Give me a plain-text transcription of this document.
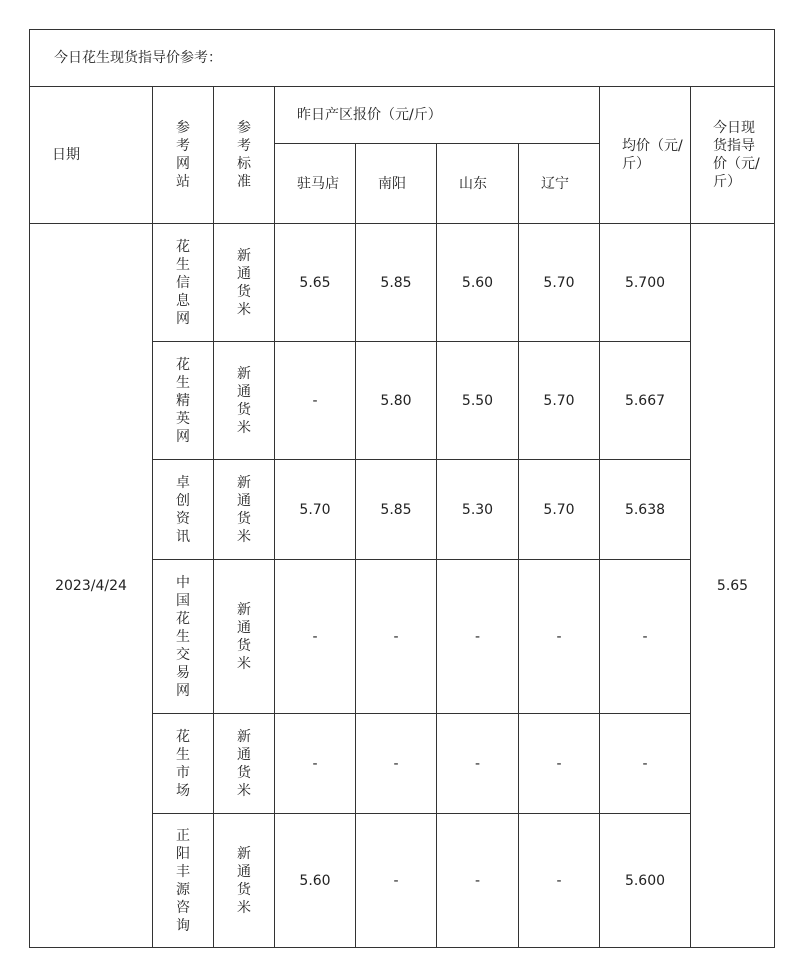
今日花生现货指导价参考：								
日期	参考网站	参考标准	昨日产区报价（元/斤）				均价（元/斤）	今日现货指导价（元/斤）
			驻马店	南阳	山东	辽宁		
2023/4/24	花生信息网	新通货米	5.65	5.85	5.60	5.70	5.700	5.65

	花生精英网	新通货米	-	5.80	5.50	5.70	5.667	

	卓创资讯	新通货米	5.70	5.85	5.30	5.70	5.638	

	中国花生交易网	新通货米	-	-	-	-	-	

	花生市场	新通货米	-	-	-	-	-	

	正阳丰源咨询	新通货米	5.60	-	-	-	5.600	
